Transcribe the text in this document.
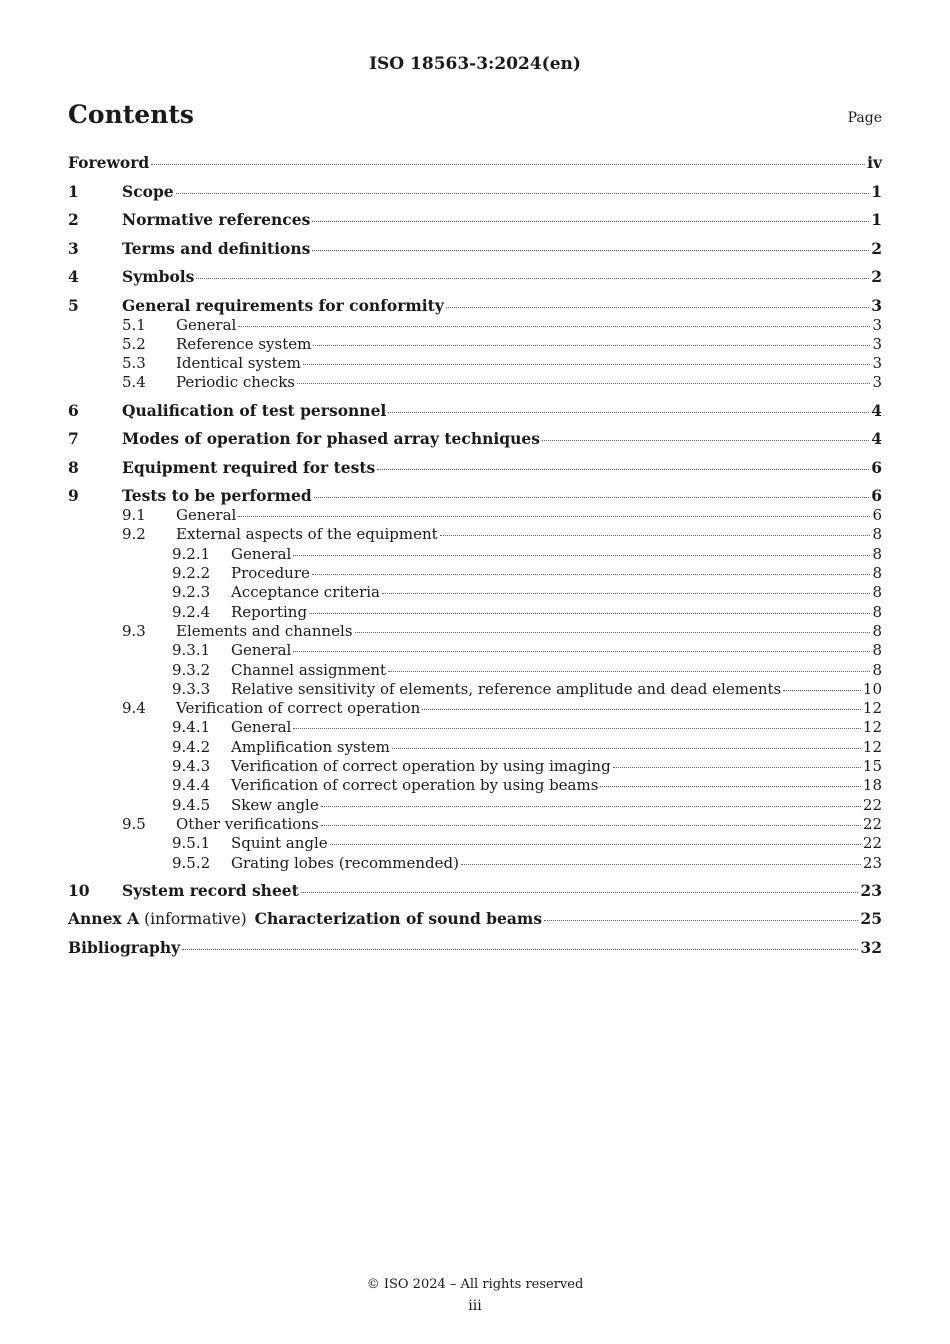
ISO 18563-3:2024(en)
Contents	Page
Foreword	iv
1	Scope	1
2	Normative references	1
3	Terms and definitions	2
4	Symbols	2
5	General requirements for conformity	3
5.1	General	3
5.2	Reference system	3
5.3	Identical system	3
5.4	Periodic checks	3
6	Qualification of test personnel	4
7	Modes of operation for phased array techniques	4
8	Equipment required for tests	6
9	Tests to be performed	6
9.1	General	6
9.2	External aspects of the equipment	8
9.2.1	General	8
9.2.2	Procedure	8
9.2.3	Acceptance criteria	8
9.2.4	Reporting	8
9.3	Elements and channels	8
9.3.1	General	8
9.3.2	Channel assignment	8
9.3.3	Relative sensitivity of elements, reference amplitude and dead elements	10
9.4	Verification of correct operation	12
9.4.1	General	12
9.4.2	Amplification system	12
9.4.3	Verification of correct operation by using imaging	15
9.4.4	Verification of correct operation by using beams	18
9.4.5	Skew angle	22
9.5	Other verifications	22
9.5.1	Squint angle	22
9.5.2	Grating lobes (recommended)	23
10	System record sheet	23
Annex A (informative) Characterization of sound beams	25
Bibliography	32
© ISO 2024 – All rights reserved
iii
